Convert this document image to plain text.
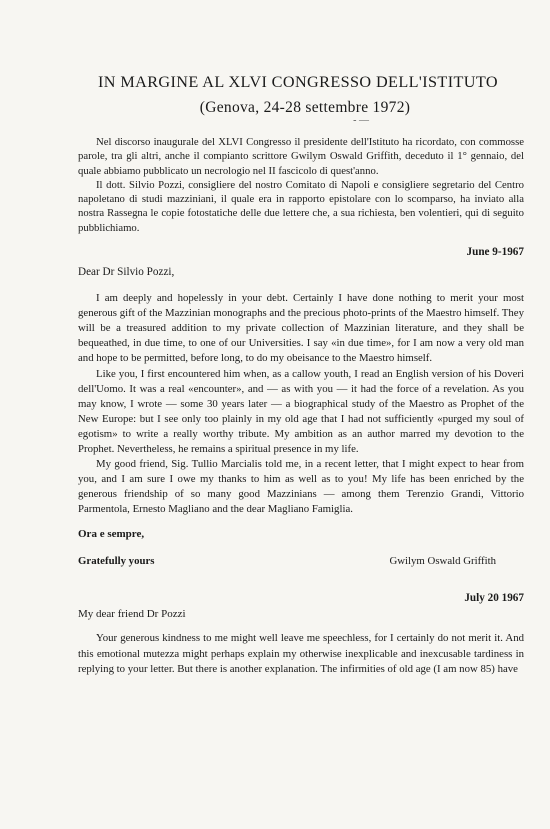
IN MARGINE AL XLVI CONGRESSO DELL'ISTITUTO
(Genova, 24-28 settembre 1972)
- —

Nel discorso inaugurale del XLVI Congresso il presidente dell'Istituto ha ricordato, con commosse parole, tra gli altri, anche il compianto scrittore Gwilym Oswald Griffith, deceduto il 1° gennaio, del quale abbiamo pubblicato un necrologio nel II fascicolo di quest'anno.

Il dott. Silvio Pozzi, consigliere del nostro Comitato di Napoli e consigliere segretario del Centro napoletano di studi mazziniani, il quale era in rapporto epistolare con lo scomparso, ha inviato alla nostra Rassegna le copie fotostatiche delle due lettere che, a sua richiesta, ben volentieri, qui di seguito pubblichiamo.

June 9-1967
Dear Dr Silvio Pozzi,

I am deeply and hopelessly in your debt. Certainly I have done nothing to merit your most generous gift of the Mazzinian monographs and the precious photo-prints of the Maestro himself. They will be a treasured addition to my private collection of Mazzinian literature, and they shall be bequeathed, in due time, to one of our Universities. I say «in due time», for I am now a very old man and hope to be permitted, before long, to do my obeisance to the Maestro himself.

Like you, I first encountered him when, as a callow youth, I read an English version of his Doveri dell'Uomo. It was a real «encounter», and — as with you — it had the force of a revelation. As you may know, I wrote — some 30 years later — a biographical study of the Maestro as Prophet of the New Europe: but I see only too plainly in my old age that I had not sufficiently «purged my soul of egotism» to write a really worthy tribute. My ambition as an author marred my devotion to the Prophet. Nevertheless, he remains a spiritual presence in my life.

My good friend, Sig. Tullio Marcialis told me, in a recent letter, that I might expect to hear from you, and I am sure I owe my thanks to him as well as to you! My life has been enriched by the generous friendship of so many good Mazzinians — among them Terenzio Grandi, Vittorio Parmentola, Ernesto Magliano and the dear Magliano Famiglia.

Ora e sempre,
Gratefully yours	Gwilym Oswald Griffith
July 20 1967
My dear friend Dr Pozzi

Your generous kindness to me might well leave me speechless, for I certainly do not merit it. And this emotional mutezza might perhaps explain my otherwise inexplicable and inexcusable tardiness in replying to your letter. But there is another explanation. The infirmities of old age (I am now 85) have
